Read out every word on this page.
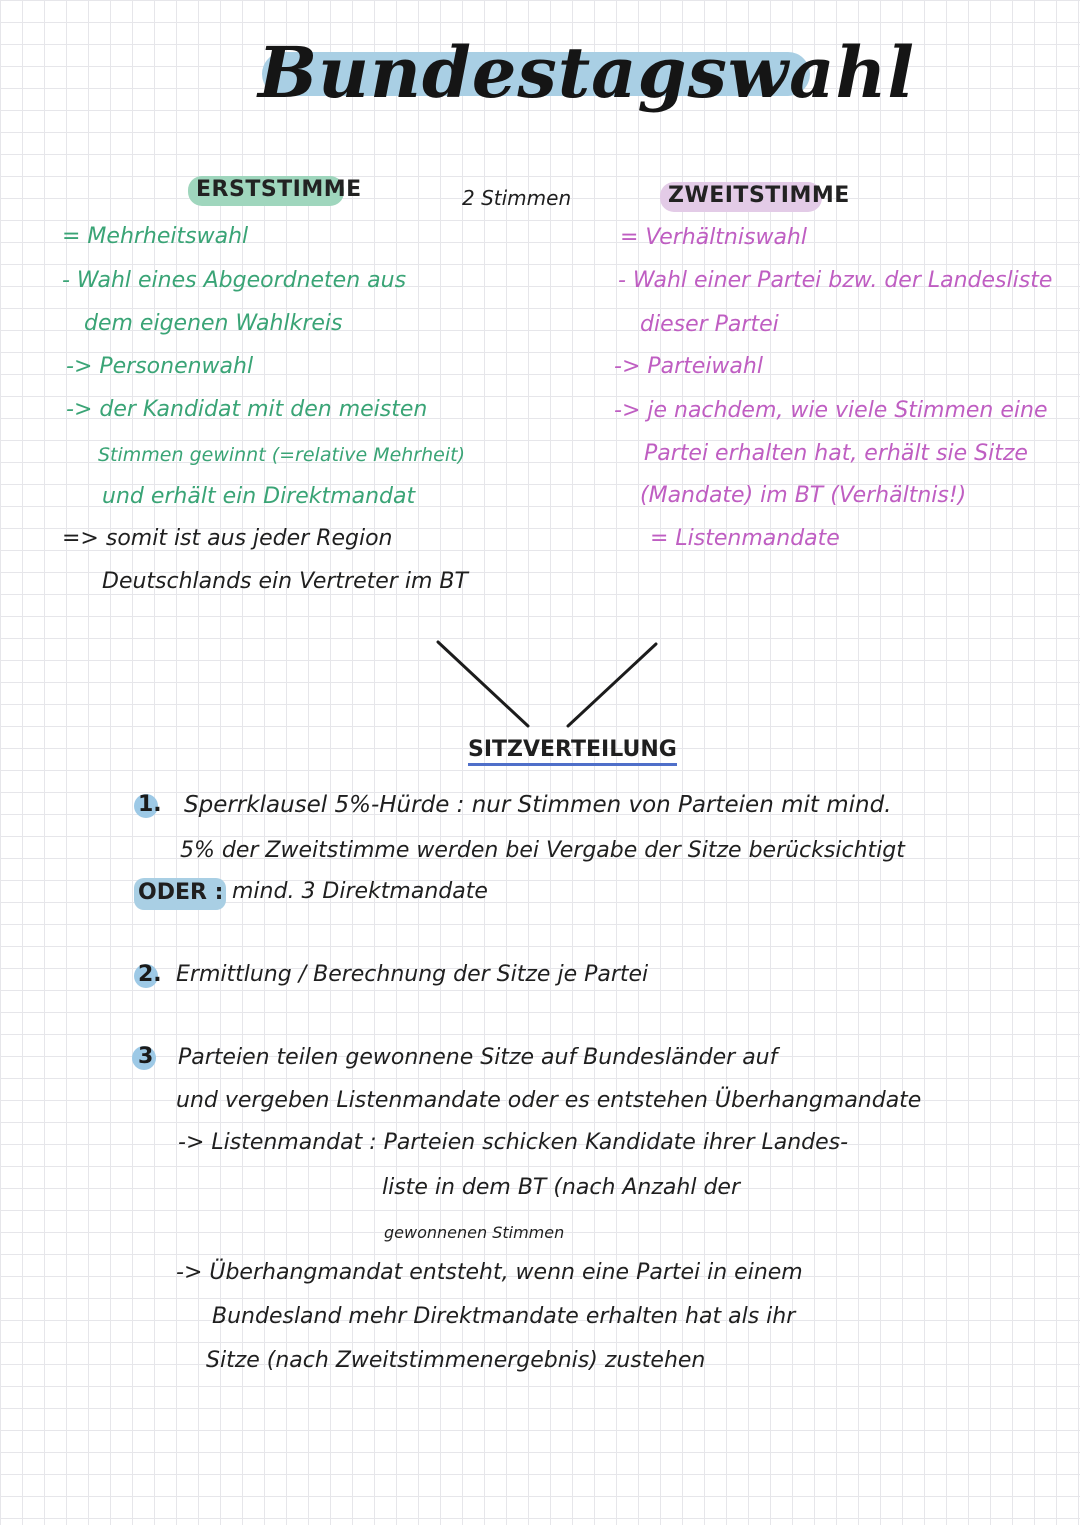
Bundestagswahl
ERSTSTIMME	2 Stimmen	ZWEITSTIMME
= Mehrheitswahl
- Wahl eines Abgeordneten aus
dem eigenen Wahlkreis
-> Personenwahl
-> der Kandidat mit den meisten
Stimmen gewinnt (=relative Mehrheit)
und erhält ein Direktmandat
=> somit ist aus jeder Region
Deutschlands ein Vertreter im BT
= Verhältniswahl
- Wahl einer Partei bzw. der Landesliste
dieser Partei
-> Parteiwahl
-> je nachdem, wie viele Stimmen eine
Partei erhalten hat, erhält sie Sitze
(Mandate) im BT (Verhältnis!)
= Listenmandate
SITZVERTEILUNG
1. Sperrklausel 5%-Hürde : nur Stimmen von Parteien mit mind.
5% der Zweitstimme werden bei Vergabe der Sitze berücksichtigt
ODER : mind. 3 Direktmandate
2. Ermittlung / Berechnung der Sitze je Partei
3 Parteien teilen gewonnene Sitze auf Bundesländer auf
und vergeben Listenmandate oder es entstehen Überhangmandate
-> Listenmandat : Parteien schicken Kandidate ihrer Landes-
liste in dem BT (nach Anzahl der
gewonnenen Stimmen
-> Überhangmandat entsteht, wenn eine Partei in einem
Bundesland mehr Direktmandate erhalten hat als ihr
Sitze (nach Zweitstimmenergebnis) zustehen
